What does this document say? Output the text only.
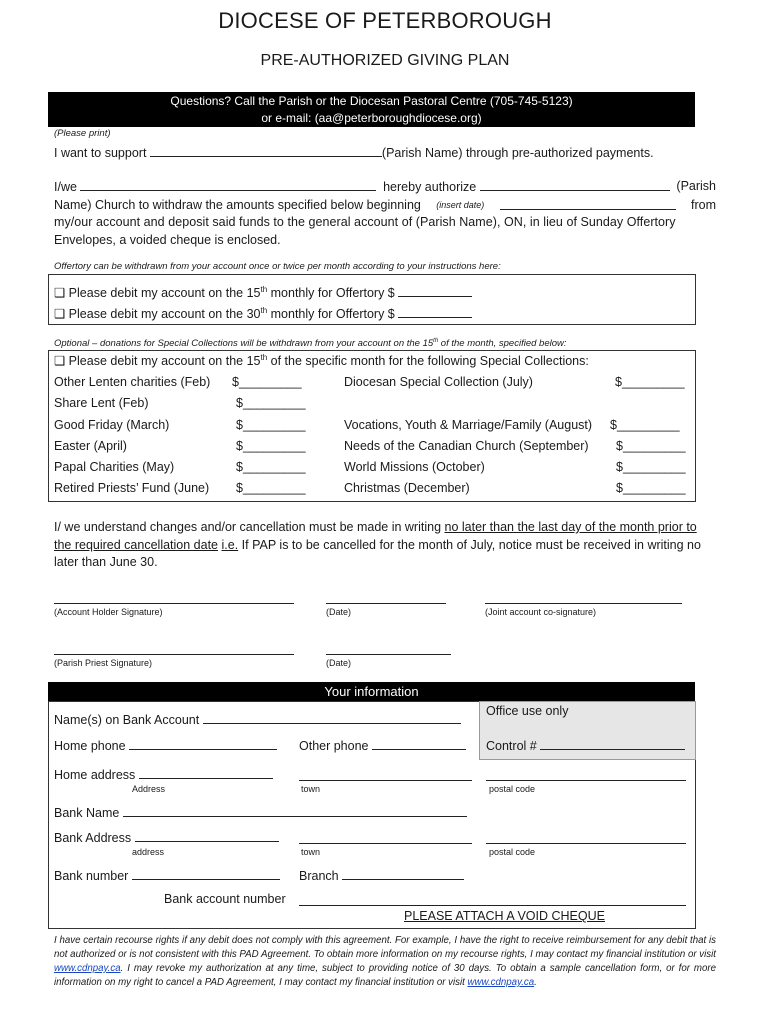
DIOCESE OF PETERBOROUGH
PRE-AUTHORIZED GIVING PLAN
Questions? Call the Parish or the Diocesan Pastoral Centre (705-745-5123)
or e-mail: (aa@peterboroughdiocese.org)
(Please print)
I want to support	(Parish Name) through pre-authorized payments.
I/we	hereby authorize	(Parish
Name) Church to withdraw the amounts specified below beginning (insert date)	from
my/our account and deposit said funds to the general account of (Parish Name), ON, in lieu of Sunday Offertory
Envelopes, a voided cheque is enclosed.
Offertory can be withdrawn from your account once or twice per month according to your instructions here:
❑ Please debit my account on the 15th monthly for Offertory $
❑ Please debit my account on the 30th monthly for Offertory $
Optional – donations for Special Collections will be withdrawn from your account on the 15th of the month, specified below:
❑ Please debit my account on the 15th of the specific month for the following Special Collections:
Other Lenten charities (Feb) $_________	Diocesan Special Collection (July)	$_________
Share Lent (Feb)	$_________
Good Friday (March)	$_________	Vocations, Youth & Marriage/Family (August) $_________
Easter (April)	$_________	Needs of the Canadian Church (September) $_________
Papal Charities (May)	$_________	World Missions (October)	$_________
Retired Priests’ Fund (June) $_________	Christmas (December)	$_________
I/ we understand changes and/or cancellation must be made in writing no later than the last day of the month prior to the required cancellation date i.e. If PAP is to be cancelled for the month of July, notice must be received in writing no later than June 30.
(Account Holder Signature)	(Date)	(Joint account co-signature)
(Parish Priest Signature)	(Date)
Your information
Office use only
Control #
Name(s) on Bank Account
Home phone	Other phone
Home address
Address	town	postal code
Bank Name
Bank Address
address	town	postal code
Bank number	Branch
Bank account number
PLEASE ATTACH A VOID CHEQUE
I have certain recourse rights if any debit does not comply with this agreement. For example, I have the right to receive reimbursement for any debit that is not authorized or is not consistent with this PAD Agreement. To obtain more information on my recourse rights, I may contact my financial institution or visit www.cdnpay.ca. I may revoke my authorization at any time, subject to providing notice of 30 days. To obtain a sample cancellation form, or for more information on my right to cancel a PAD Agreement, I may contact my financial institution or visit www.cdnpay.ca.
